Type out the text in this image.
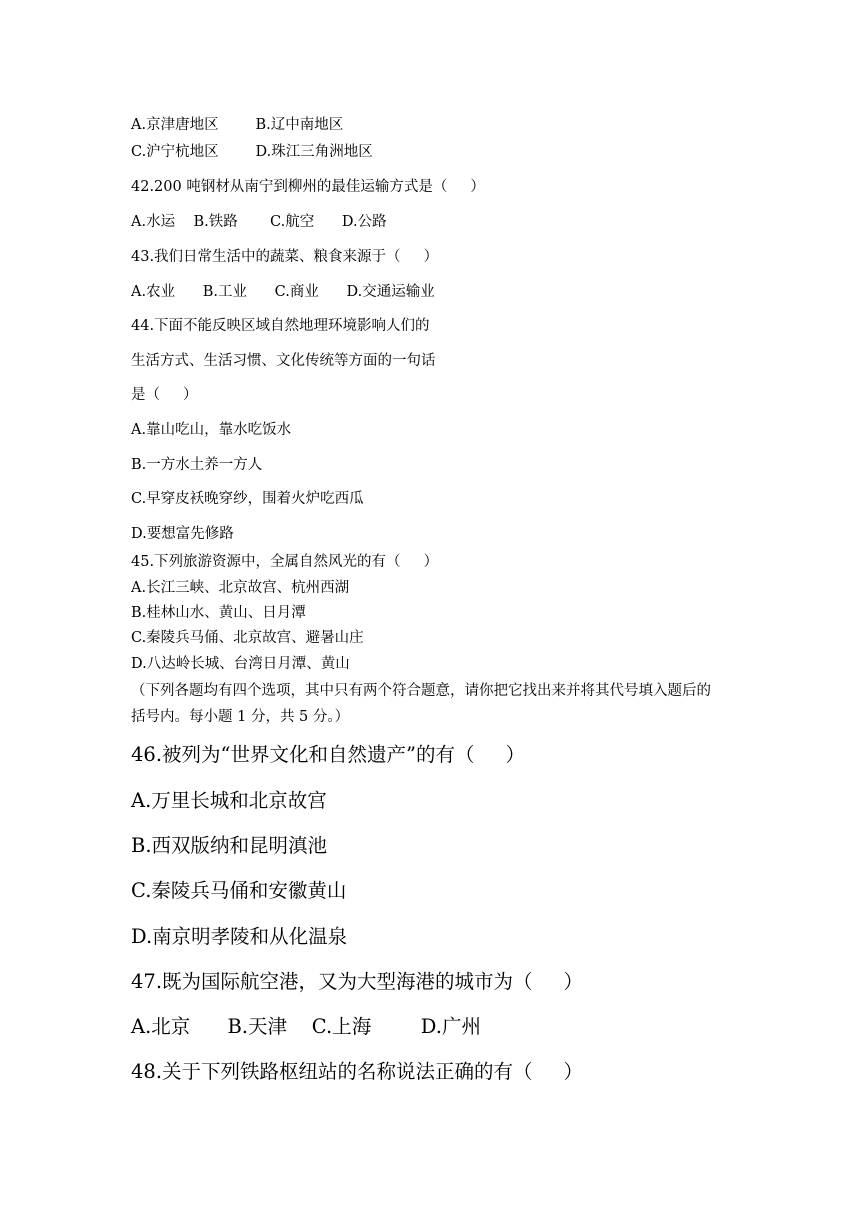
A.京津唐地区        B.辽中南地区
C.沪宁杭地区        D.珠江三角洲地区
42.200 吨钢材从南宁到柳州的最佳运输方式是（     ）
A.水运    B.铁路       C.航空      D.公路
43.我们日常生活中的蔬菜、粮食来源于（     ）
A.农业      B.工业      C.商业      D.交通运输业
44.下面不能反映区域自然地理环境影响人们的
生活方式、生活习惯、文化传统等方面的一句话
是（     ）
A.靠山吃山，靠水吃饭水
B.一方水土养一方人
C.早穿皮袄晚穿纱，围着火炉吃西瓜
D.要想富先修路
45.下列旅游资源中，全属自然风光的有（     ）
A.长江三峡、北京故宫、杭州西湖
B.桂林山水、黄山、日月潭
C.秦陵兵马俑、北京故宫、避暑山庄
D.八达岭长城、台湾日月潭、黄山
（下列各题均有四个选项，其中只有两个符合题意，请你把它找出来并将其代号填入题后的
括号内。每小题 1 分，共 5 分。）
46.被列为“世界文化和自然遗产”的有（     ）
A.万里长城和北京故宫
B.西双版纳和昆明滇池
C.秦陵兵马俑和安徽黄山
D.南京明孝陵和从化温泉
47.既为国际航空港，又为大型海港的城市为（     ）
A.北京      B.天津    C.上海        D.广州
48.关于下列铁路枢纽站的名称说法正确的有（     ）
